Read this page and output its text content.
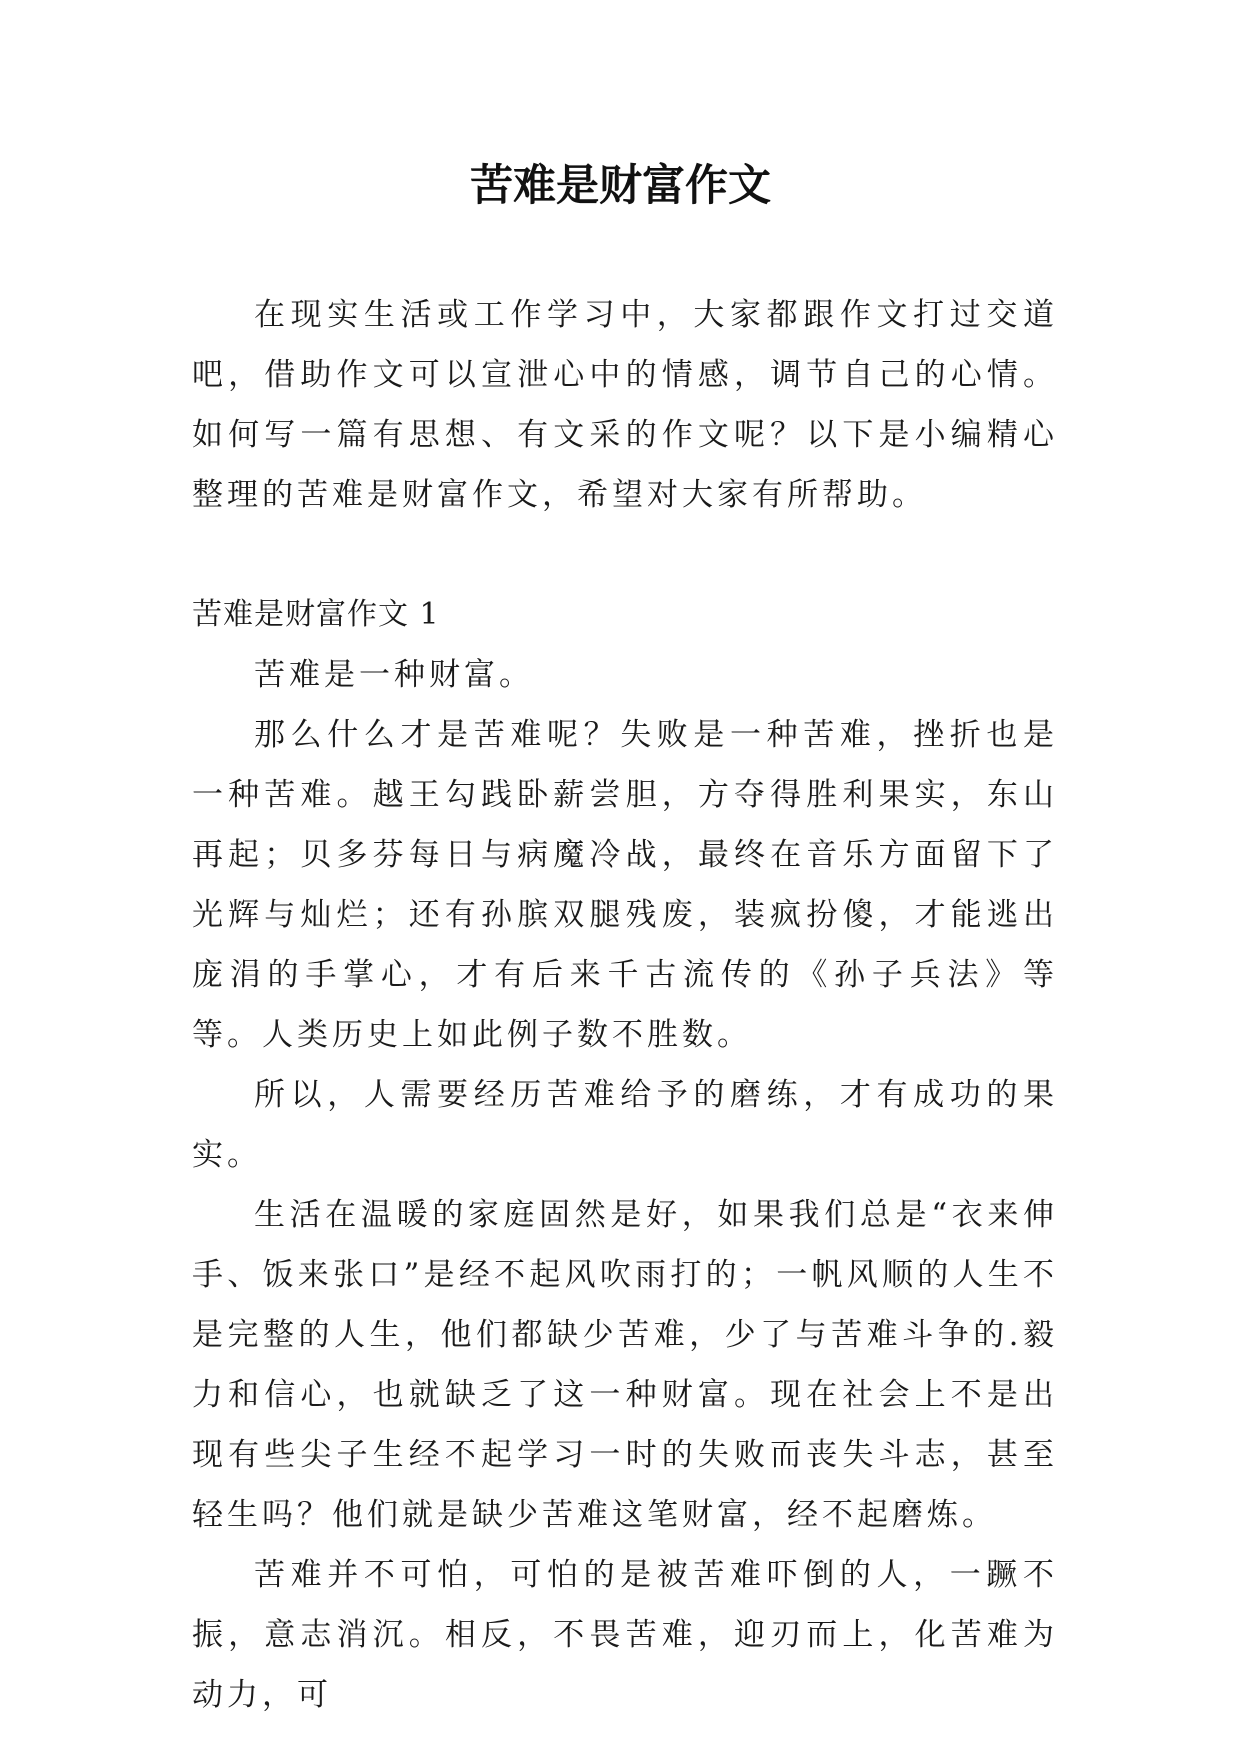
苦难是财富作文

在现实生活或工作学习中，大家都跟作文打过交道吧，借助作文可以宣泄心中的情感，调节自己的心情。如何写一篇有思想、有文采的作文呢？以下是小编精心整理的苦难是财富作文，希望对大家有所帮助。

苦难是财富作文 1

苦难是一种财富。

那么什么才是苦难呢？失败是一种苦难，挫折也是一种苦难。越王勾践卧薪尝胆，方夺得胜利果实，东山再起；贝多芬每日与病魔冷战，最终在音乐方面留下了光辉与灿烂；还有孙膑双腿残废，装疯扮傻，才能逃出庞涓的手掌心，才有后来千古流传的《孙子兵法》等等。人类历史上如此例子数不胜数。

所以，人需要经历苦难给予的磨练，才有成功的果实。

生活在温暖的家庭固然是好，如果我们总是“衣来伸手、饭来张口”是经不起风吹雨打的；一帆风顺的人生不是完整的人生，他们都缺少苦难，少了与苦难斗争的.毅力和信心，也就缺乏了这一种财富。现在社会上不是出现有些尖子生经不起学习一时的失败而丧失斗志，甚至轻生吗？他们就是缺少苦难这笔财富，经不起磨炼。

苦难并不可怕，可怕的是被苦难吓倒的人，一蹶不振，意志消沉。相反，不畏苦难，迎刃而上，化苦难为动力，可
